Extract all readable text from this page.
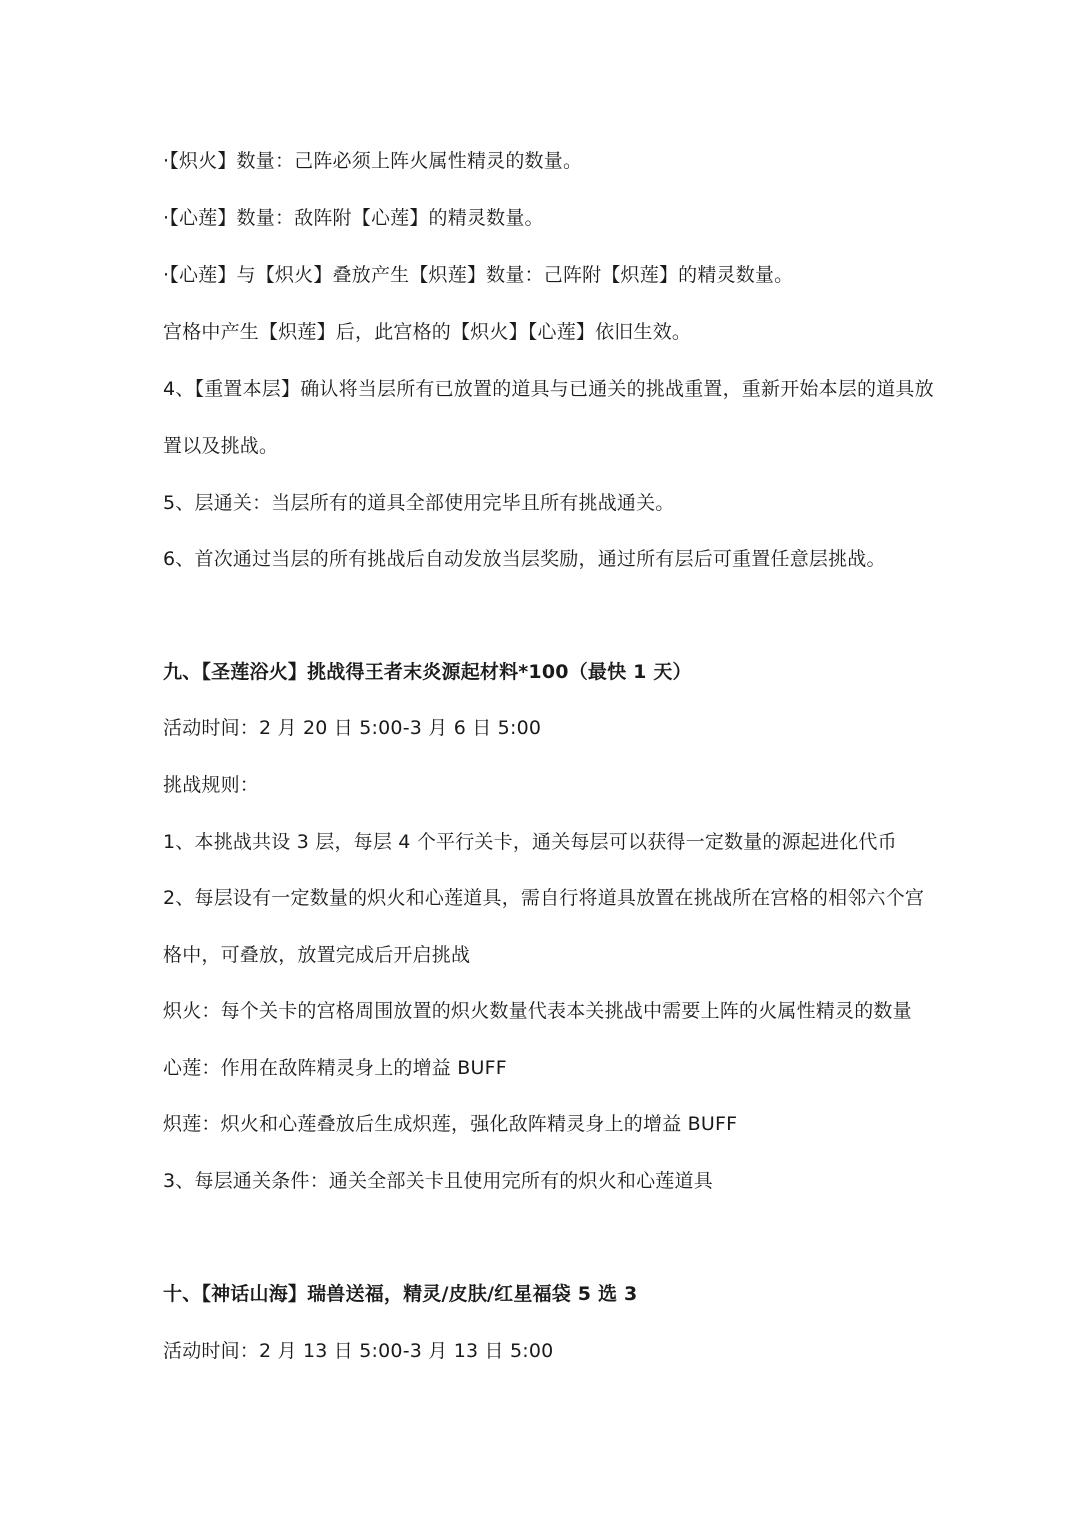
·【炽火】数量：己阵必须上阵火属性精灵的数量。
·【心莲】数量：敌阵附【心莲】的精灵数量。
·【心莲】与【炽火】叠放产生【炽莲】数量：己阵附【炽莲】的精灵数量。
宫格中产生【炽莲】后，此宫格的【炽火】【心莲】依旧生效。
4、【重置本层】确认将当层所有已放置的道具与已通关的挑战重置，重新开始本层的道具放
置以及挑战。
5、层通关：当层所有的道具全部使用完毕且所有挑战通关。
6、首次通过当层的所有挑战后自动发放当层奖励，通过所有层后可重置任意层挑战。
九、【圣莲浴火】挑战得王者末炎源起材料*100（最快 1 天）
活动时间：2 月 20 日 5:00-3 月 6 日 5:00
挑战规则：
1、本挑战共设 3 层，每层 4 个平行关卡，通关每层可以获得一定数量的源起进化代币
2、每层设有一定数量的炽火和心莲道具，需自行将道具放置在挑战所在宫格的相邻六个宫
格中，可叠放，放置完成后开启挑战
炽火：每个关卡的宫格周围放置的炽火数量代表本关挑战中需要上阵的火属性精灵的数量
心莲：作用在敌阵精灵身上的增益 BUFF
炽莲：炽火和心莲叠放后生成炽莲，强化敌阵精灵身上的增益 BUFF
3、每层通关条件：通关全部关卡且使用完所有的炽火和心莲道具
十、【神话山海】瑞兽送福，精灵/皮肤/红星福袋 5 选 3
活动时间：2 月 13 日 5:00-3 月 13 日 5:00
